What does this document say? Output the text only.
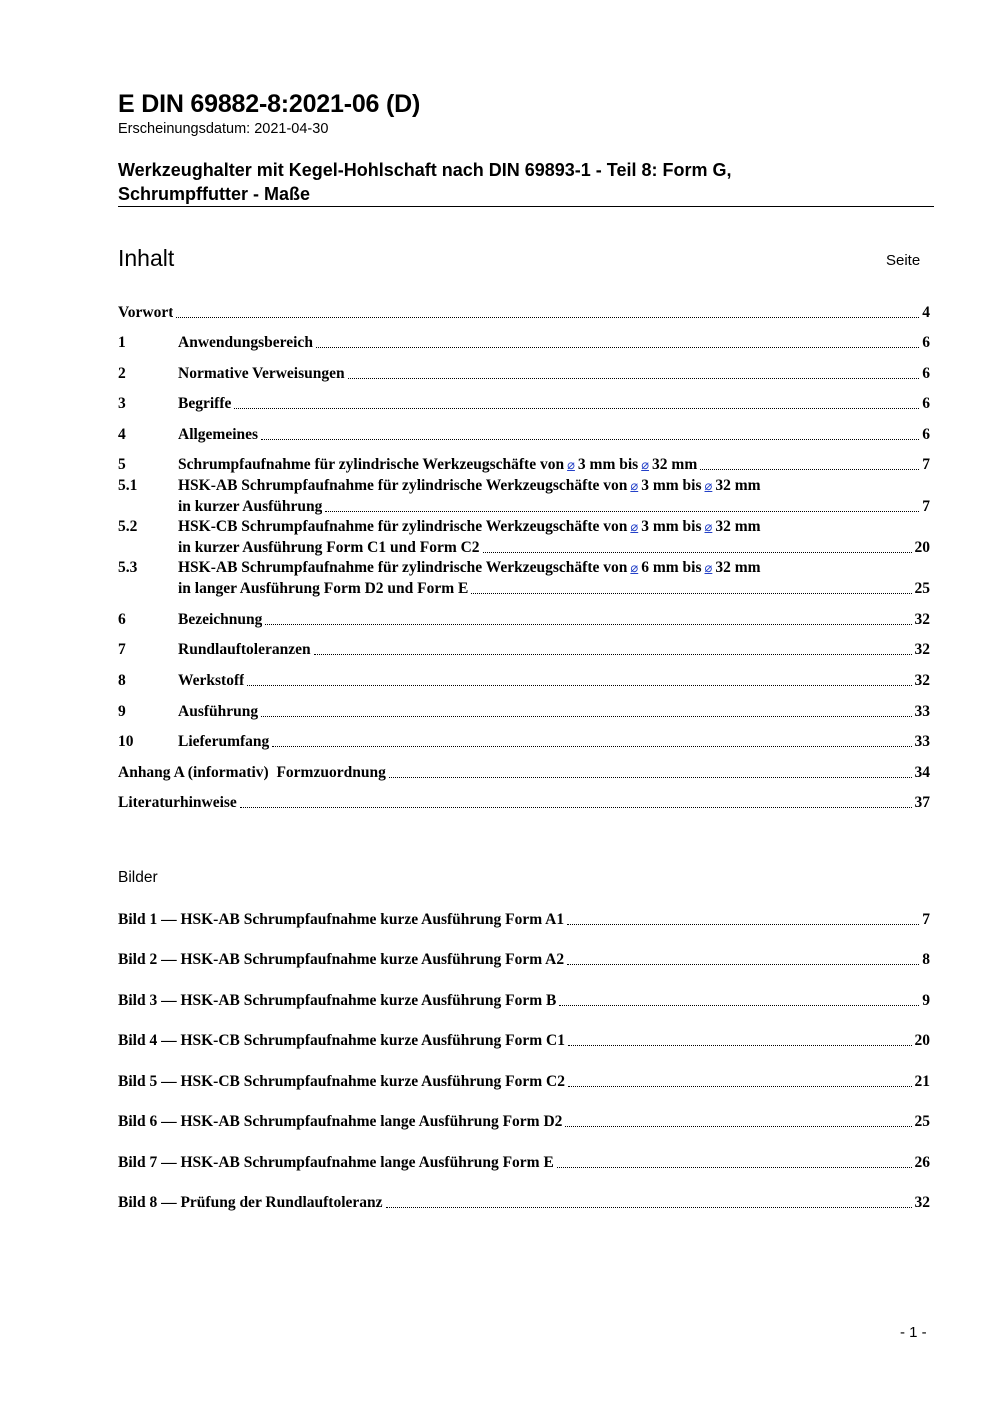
E DIN 69882-8:2021-06 (D)
Erscheinungsdatum: 2021-04-30
Werkzeughalter mit Kegel-Hohlschaft nach DIN 69893-1 - Teil 8: Form G,
Schrumpffutter - Maße
Inhalt	Seite
Vorwort	4
1	Anwendungsbereich	6
2	Normative Verweisungen	6
3	Begriffe	6
4	Allgemeines	6
5	Schrumpfaufnahme für zylindrische Werkzeugschäfte von ⌀ 3 mm bis ⌀ 32 mm	7
5.1	HSK-AB Schrumpfaufnahme für zylindrische Werkzeugschäfte von ⌀ 3 mm bis ⌀ 32 mm
in kurzer Ausführung	7
5.2	HSK-CB Schrumpfaufnahme für zylindrische Werkzeugschäfte von ⌀ 3 mm bis ⌀ 32 mm
in kurzer Ausführung Form C1 und Form C2	20
5.3	HSK-AB Schrumpfaufnahme für zylindrische Werkzeugschäfte von ⌀ 6 mm bis ⌀ 32 mm
in langer Ausführung Form D2 und Form E	25
6	Bezeichnung	32
7	Rundlauftoleranzen	32
8	Werkstoff	32
9	Ausführung	33
10	Lieferumfang	33
Anhang A (informativ)  Formzuordnung	34
Literaturhinweise	37
Bilder
Bild 1 — HSK-AB Schrumpfaufnahme kurze Ausführung Form A1	7
Bild 2 — HSK-AB Schrumpfaufnahme kurze Ausführung Form A2	8
Bild 3 — HSK-AB Schrumpfaufnahme kurze Ausführung Form B	9
Bild 4 — HSK-CB Schrumpfaufnahme kurze Ausführung Form C1	20
Bild 5 — HSK-CB Schrumpfaufnahme kurze Ausführung Form C2	21
Bild 6 — HSK-AB Schrumpfaufnahme lange Ausführung Form D2	25
Bild 7 — HSK-AB Schrumpfaufnahme lange Ausführung Form E	26
Bild 8 — Prüfung der Rundlauftoleranz	32
- 1 -
